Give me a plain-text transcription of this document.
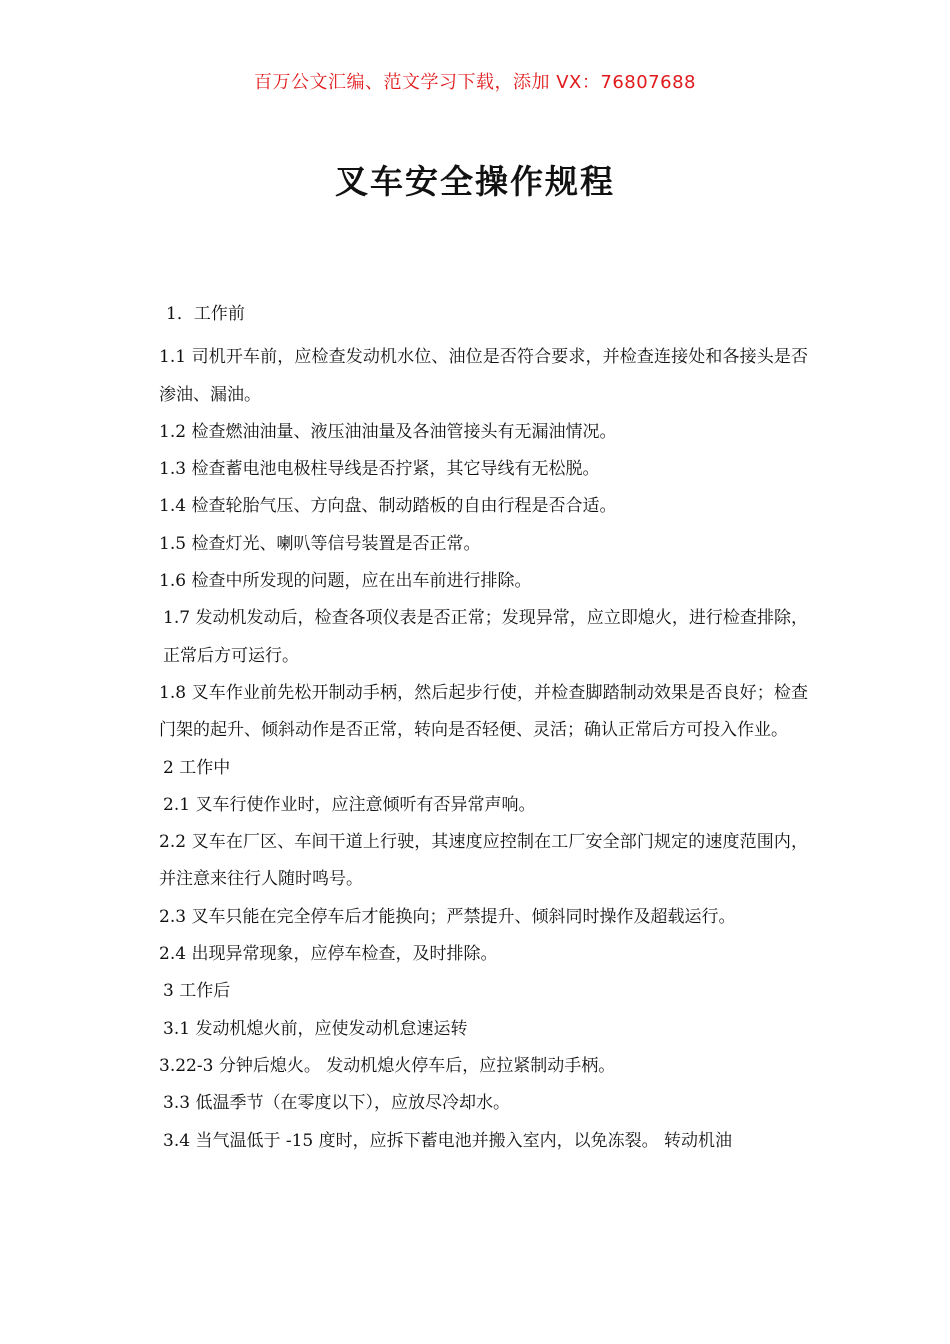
百万公文汇编、范文学习下载，添加 VX：76807688
叉车安全操作规程

1．工作前

1.1 司机开车前，应检查发动机水位、油位是否符合要求，并检查连接处和各接头是否渗油、漏油。

1.2 检查燃油油量、液压油油量及各油管接头有无漏油情况。

1.3 检查蓄电池电极柱导线是否拧紧，其它导线有无松脱。

1.4 检查轮胎气压、方向盘、制动踏板的自由行程是否合适。

1.5 检查灯光、喇叭等信号装置是否正常。

1.6 检查中所发现的问题，应在出车前进行排除。

1.7 发动机发动后，检查各项仪表是否正常；发现异常，应立即熄火，进行检查排除，正常后方可运行。

1.8 叉车作业前先松开制动手柄，然后起步行使，并检查脚踏制动效果是否良好；检查门架的起升、倾斜动作是否正常，转向是否轻便、灵活；确认正常后方可投入作业。

2 工作中

2.1 叉车行使作业时，应注意倾听有否异常声响。

2.2 叉车在厂区、车间干道上行驶，其速度应控制在工厂安全部门规定的速度范围内，并注意来往行人随时鸣号。

2.3 叉车只能在完全停车后才能换向；严禁提升、倾斜同时操作及超载运行。

2.4 出现异常现象，应停车检查，及时排除。

3 工作后

3.1 发动机熄火前，应使发动机怠速运转

3.22-3 分钟后熄火。 发动机熄火停车后，应拉紧制动手柄。

3.3 低温季节（在零度以下），应放尽冷却水。

3.4 当气温低于 -15 度时，应拆下蓄电池并搬入室内，以免冻裂。 转动机油
